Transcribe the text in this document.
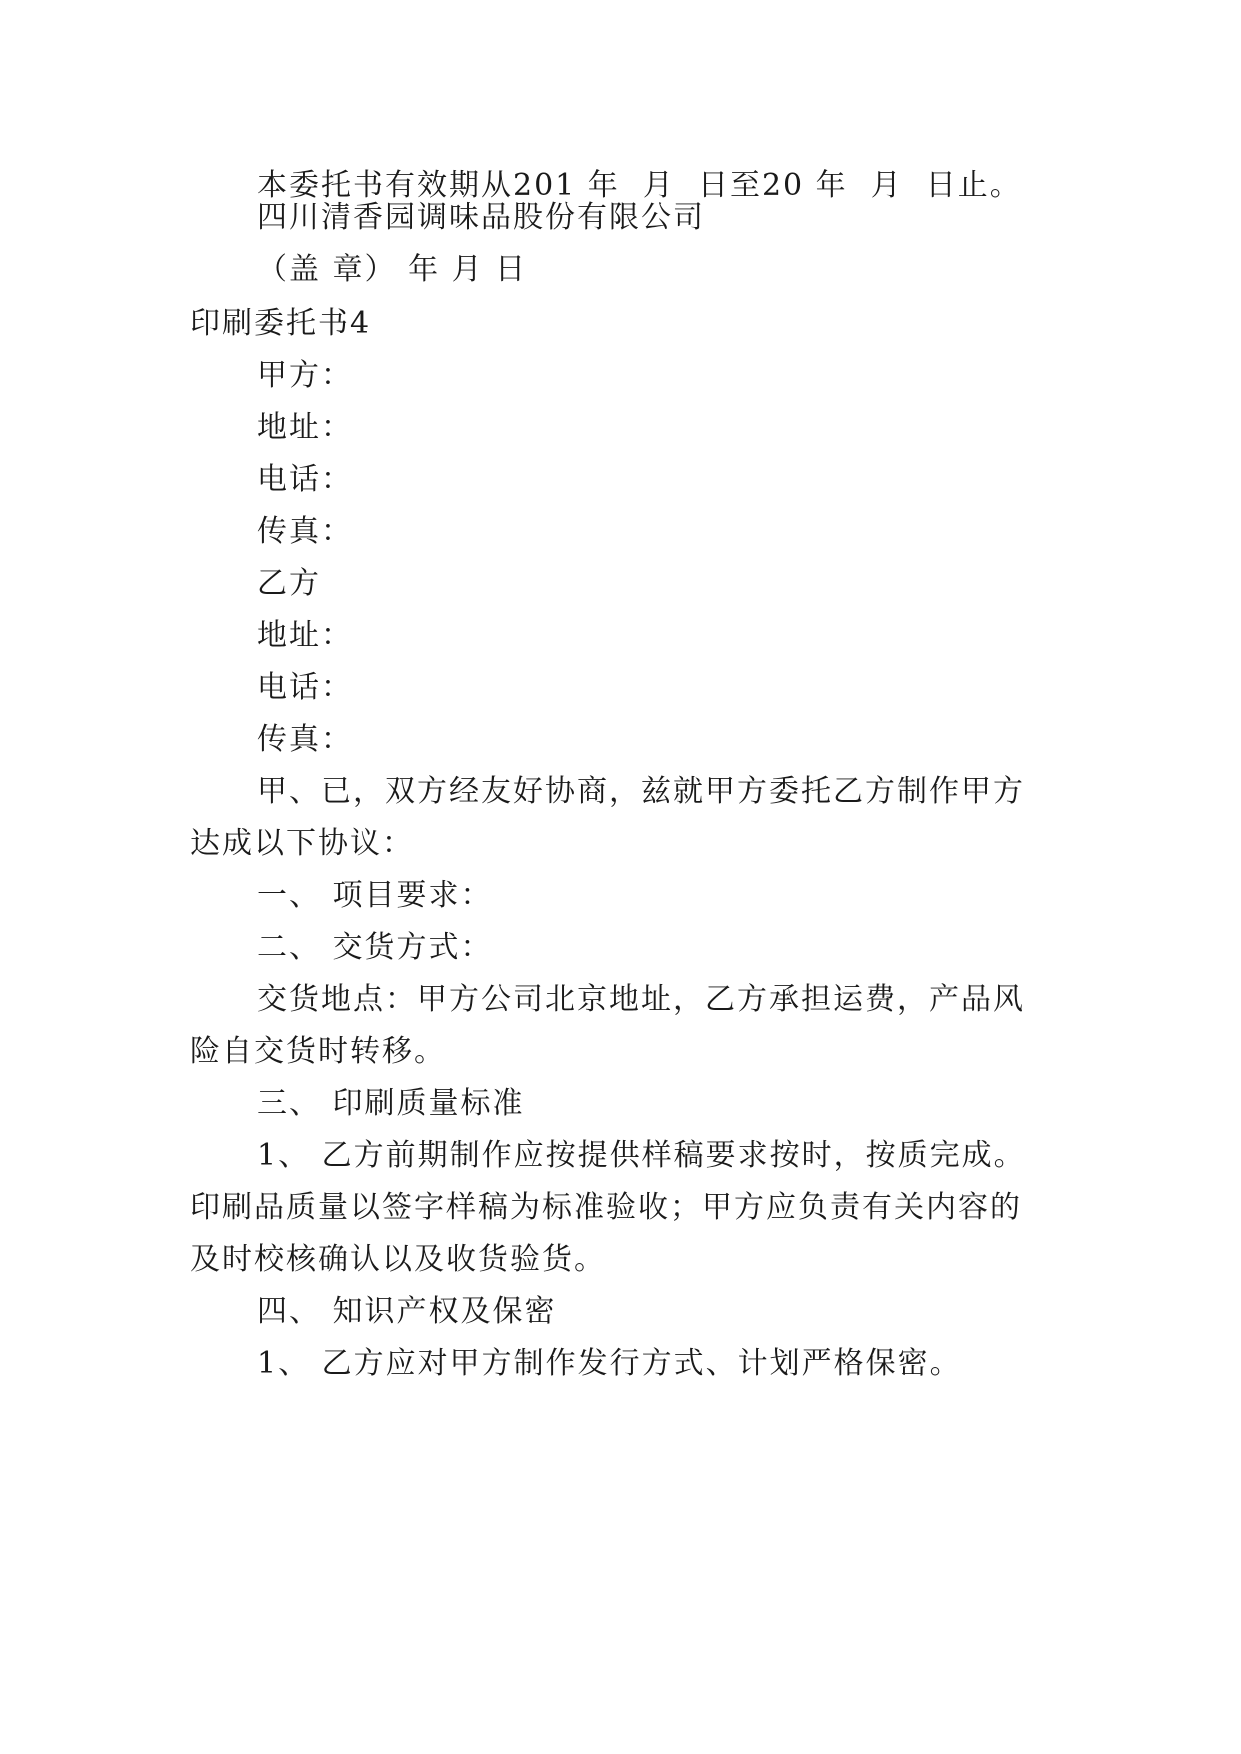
本委托书有效期从201 年  月  日至20 年  月  日止。
四川清香园调味品股份有限公司
（盖 章） 年 月 日
印刷委托书4
甲方：
地址：
电话：
传真：
乙方
地址：
电话：
传真：
甲、已，双方经友好协商，兹就甲方委托乙方制作甲方
达成以下协议：
一、 项目要求：
二、 交货方式：
交货地点：甲方公司北京地址，乙方承担运费，产品风
险自交货时转移。
三、 印刷质量标准
1、 乙方前期制作应按提供样稿要求按时，按质完成。
印刷品质量以签字样稿为标准验收；甲方应负责有关内容的
及时校核确认以及收货验货。
四、 知识产权及保密
1、 乙方应对甲方制作发行方式、计划严格保密。
